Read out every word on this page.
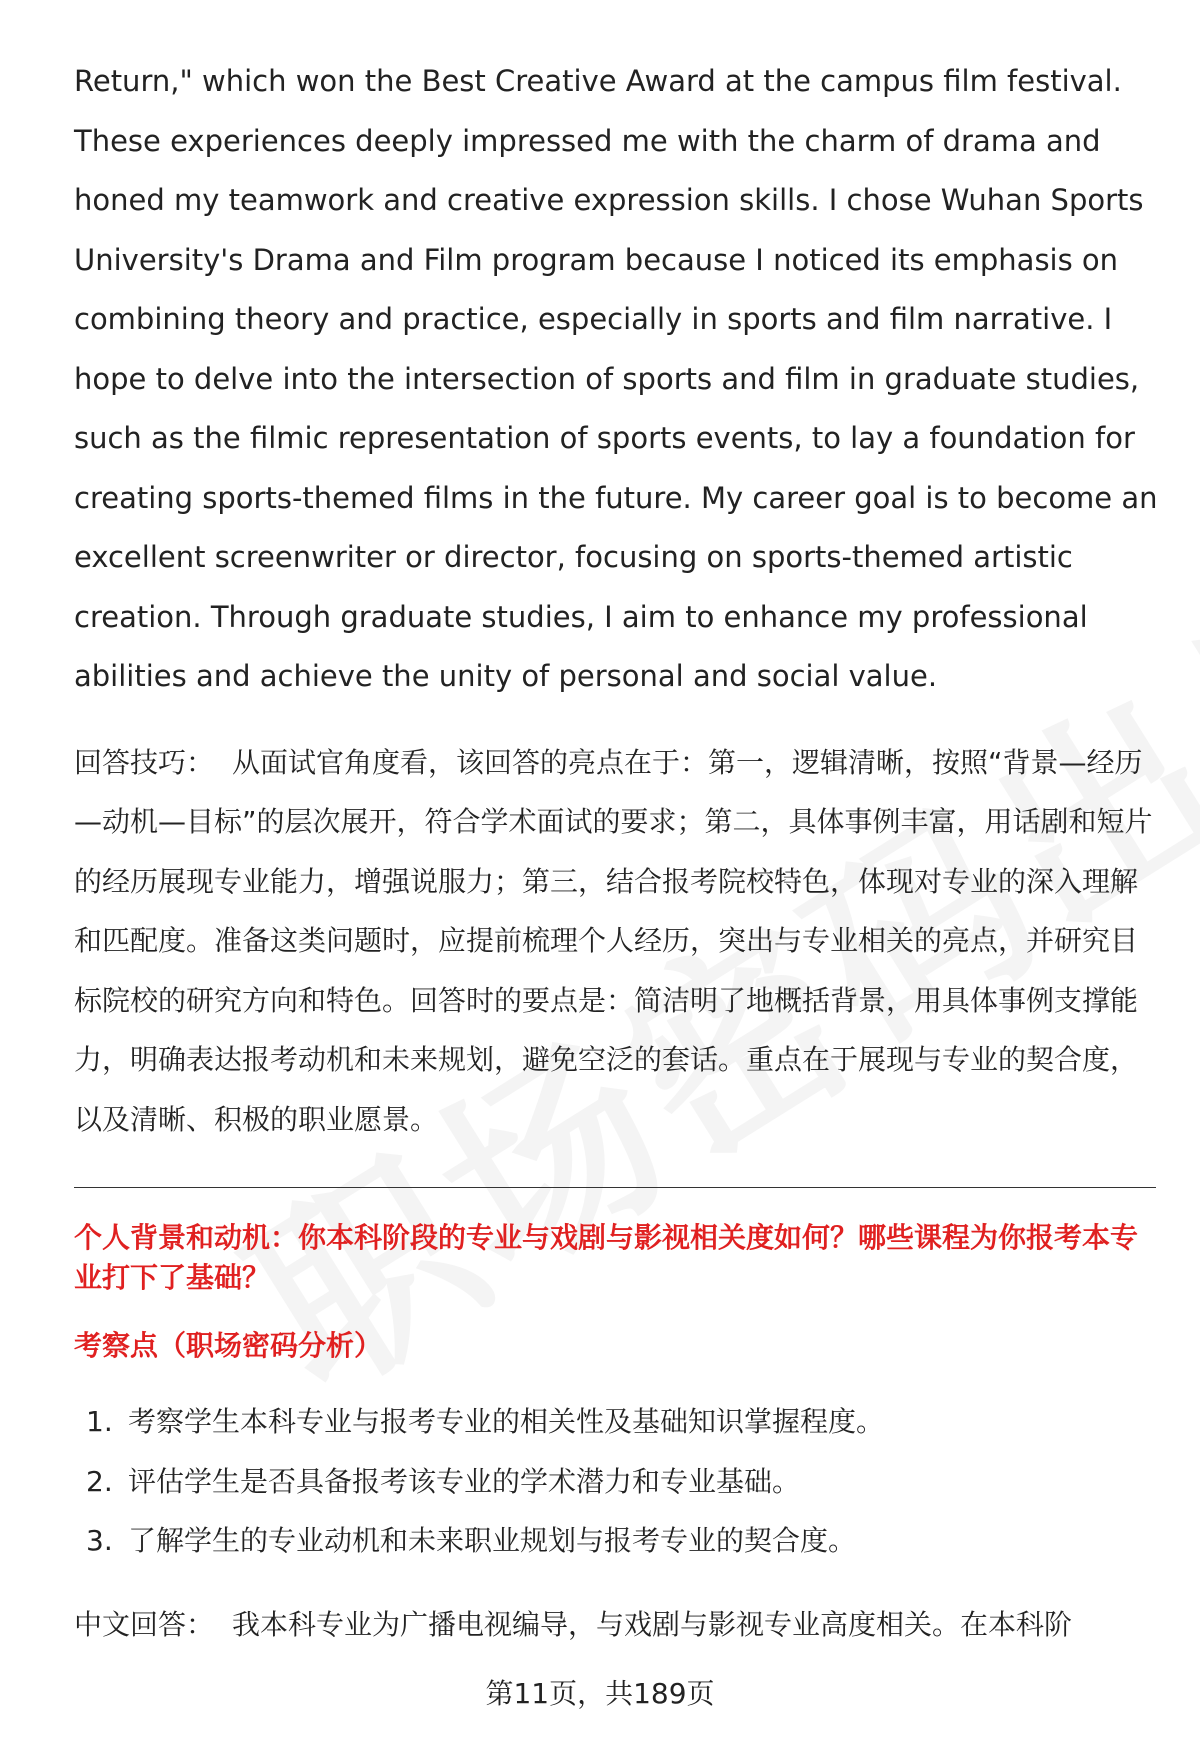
Return," which won the Best Creative Award at the campus film festival. These experiences deeply impressed me with the charm of drama and honed my teamwork and creative expression skills. I chose Wuhan Sports University's Drama and Film program because I noticed its emphasis on combining theory and practice, especially in sports and film narrative. I hope to delve into the intersection of sports and film in graduate studies, such as the filmic representation of sports events, to lay a foundation for creating sports-themed films in the future. My career goal is to become an excellent screenwriter or director, focusing on sports-themed artistic creation. Through graduate studies, I aim to enhance my professional abilities and achieve the unity of personal and social value.

回答技巧： 从面试官角度看，该回答的亮点在于：第一，逻辑清晰，按照“背景—经历—动机—目标”的层次展开，符合学术面试的要求；第二，具体事例丰富，用话剧和短片的经历展现专业能力，增强说服力；第三，结合报考院校特色，体现对专业的深入理解和匹配度。准备这类问题时，应提前梳理个人经历，突出与专业相关的亮点，并研究目标院校的研究方向和特色。回答时的要点是：简洁明了地概括背景，用具体事例支撑能力，明确表达报考动机和未来规划，避免空泛的套话。重点在于展现与专业的契合度，以及清晰、积极的职业愿景。

个人背景和动机：你本科阶段的专业与戏剧与影视相关度如何？哪些课程为你报考本专业打下了基础？
考察点（职场密码分析）
1. 考察学生本科专业与报考专业的相关性及基础知识掌握程度。
2. 评估学生是否具备报考该专业的学术潜力和专业基础。
3. 了解学生的专业动机和未来职业规划与报考专业的契合度。

中文回答： 我本科专业为广播电视编导，与戏剧与影视专业高度相关。在本科阶

第11页，共189页
